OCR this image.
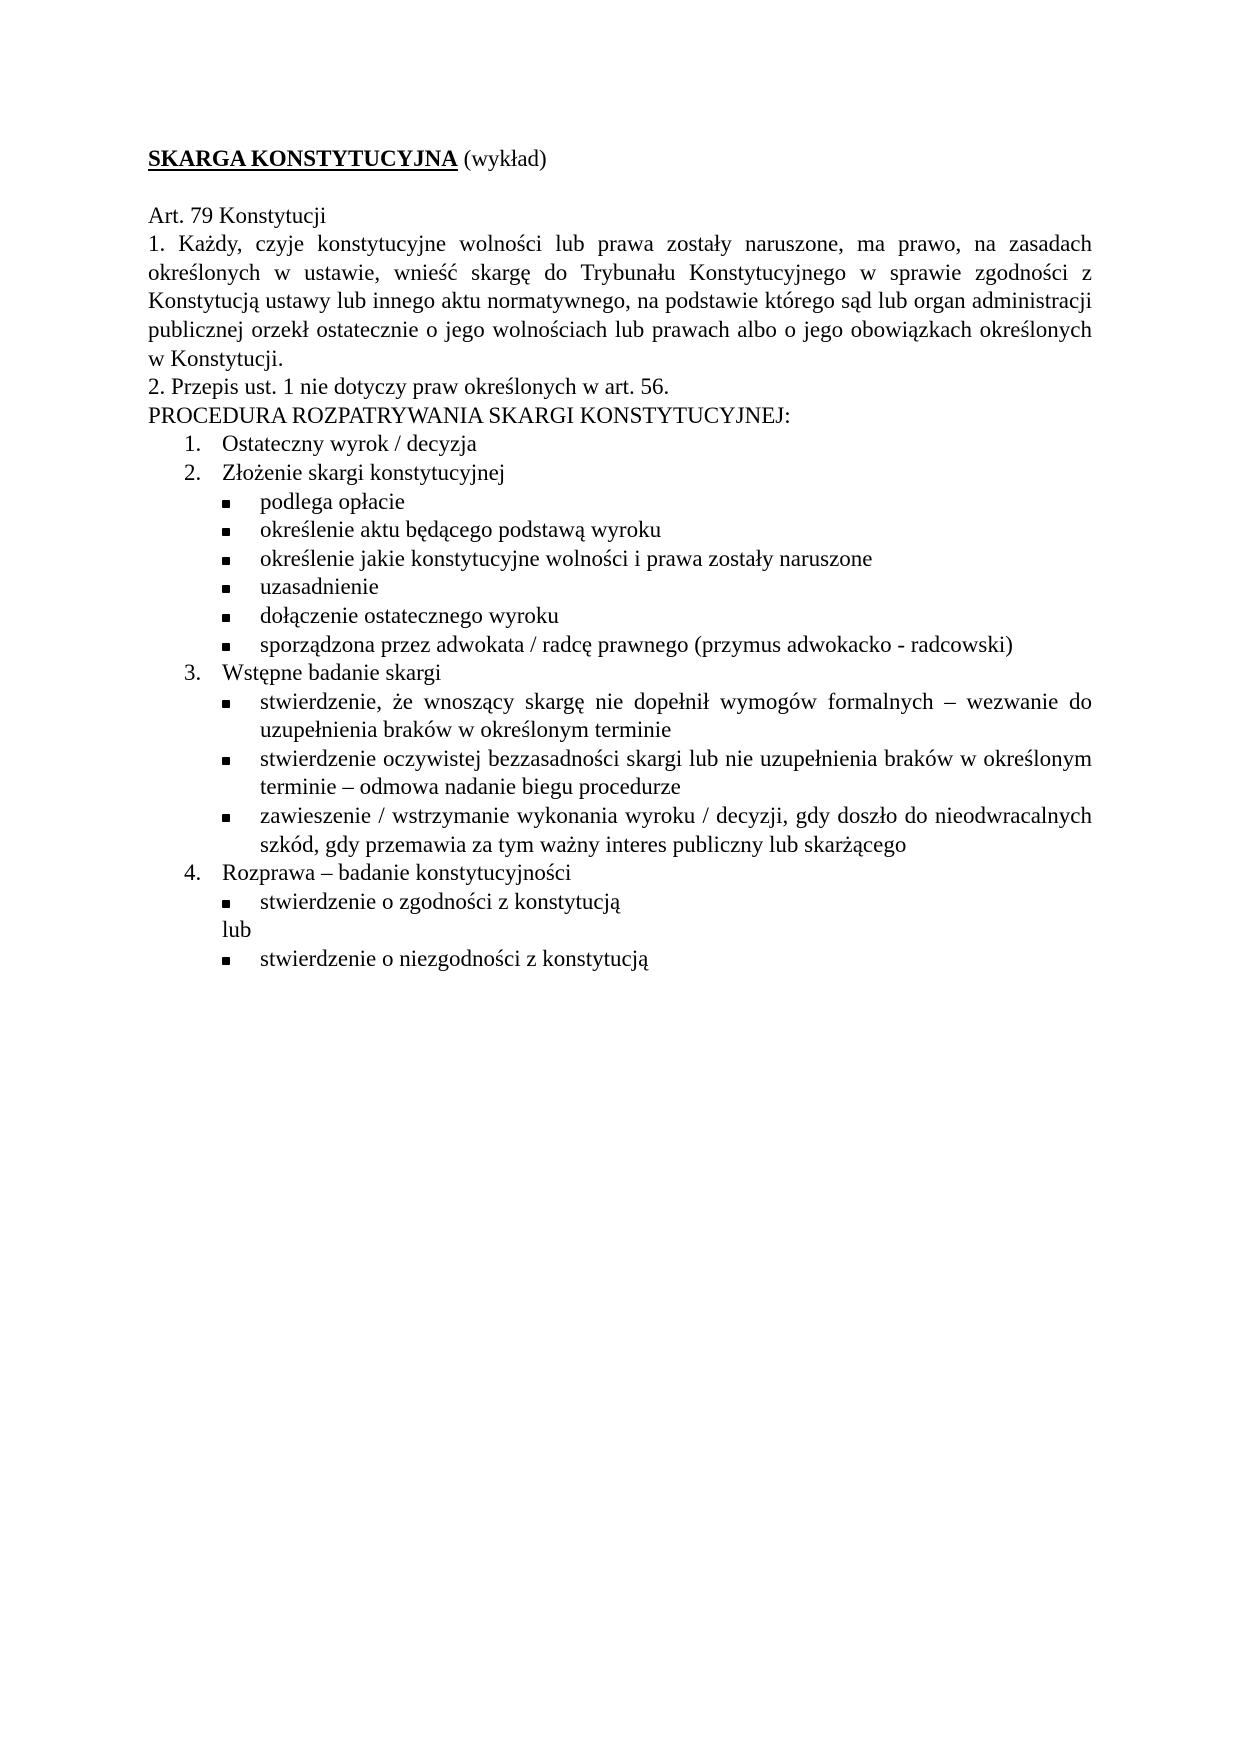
SKARGA KONSTYTUCYJNA (wykład)

Art. 79 Konstytucji

1. Każdy, czyje konstytucyjne wolności lub prawa zostały naruszone, ma prawo, na zasadach określonych w ustawie, wnieść skargę do Trybunału Konstytucyjnego w sprawie zgodności z Konstytucją ustawy lub innego aktu normatywnego, na podstawie którego sąd lub organ administracji publicznej orzekł ostatecznie o jego wolnościach lub prawach albo o jego obowiązkach określonych w Konstytucji.

2. Przepis ust. 1 nie dotyczy praw określonych w art. 56.

PROCEDURA ROZPATRYWANIA SKARGI KONSTYTUCYJNEJ:

1. Ostateczny wyrok / decyzja
2. Złożenie skargi konstytucyjnej
podlega opłacie
określenie aktu będącego podstawą wyroku
określenie jakie konstytucyjne wolności i prawa zostały naruszone
uzasadnienie
dołączenie ostatecznego wyroku
sporządzona przez adwokata / radcę prawnego (przymus adwokacko - radcowski)
3. Wstępne badanie skargi
stwierdzenie, że wnoszący skargę nie dopełnił wymogów formalnych – wezwanie do uzupełnienia braków w określonym terminie
stwierdzenie oczywistej bezzasadności skargi lub nie uzupełnienia braków w określonym terminie – odmowa nadanie biegu procedurze
zawieszenie / wstrzymanie wykonania wyroku / decyzji, gdy doszło do nieodwracalnych szkód, gdy przemawia za tym ważny interes publiczny lub skarżącego
4. Rozprawa – badanie konstytucyjności
stwierdzenie o zgodności z konstytucją
lub
stwierdzenie o niezgodności z konstytucją
